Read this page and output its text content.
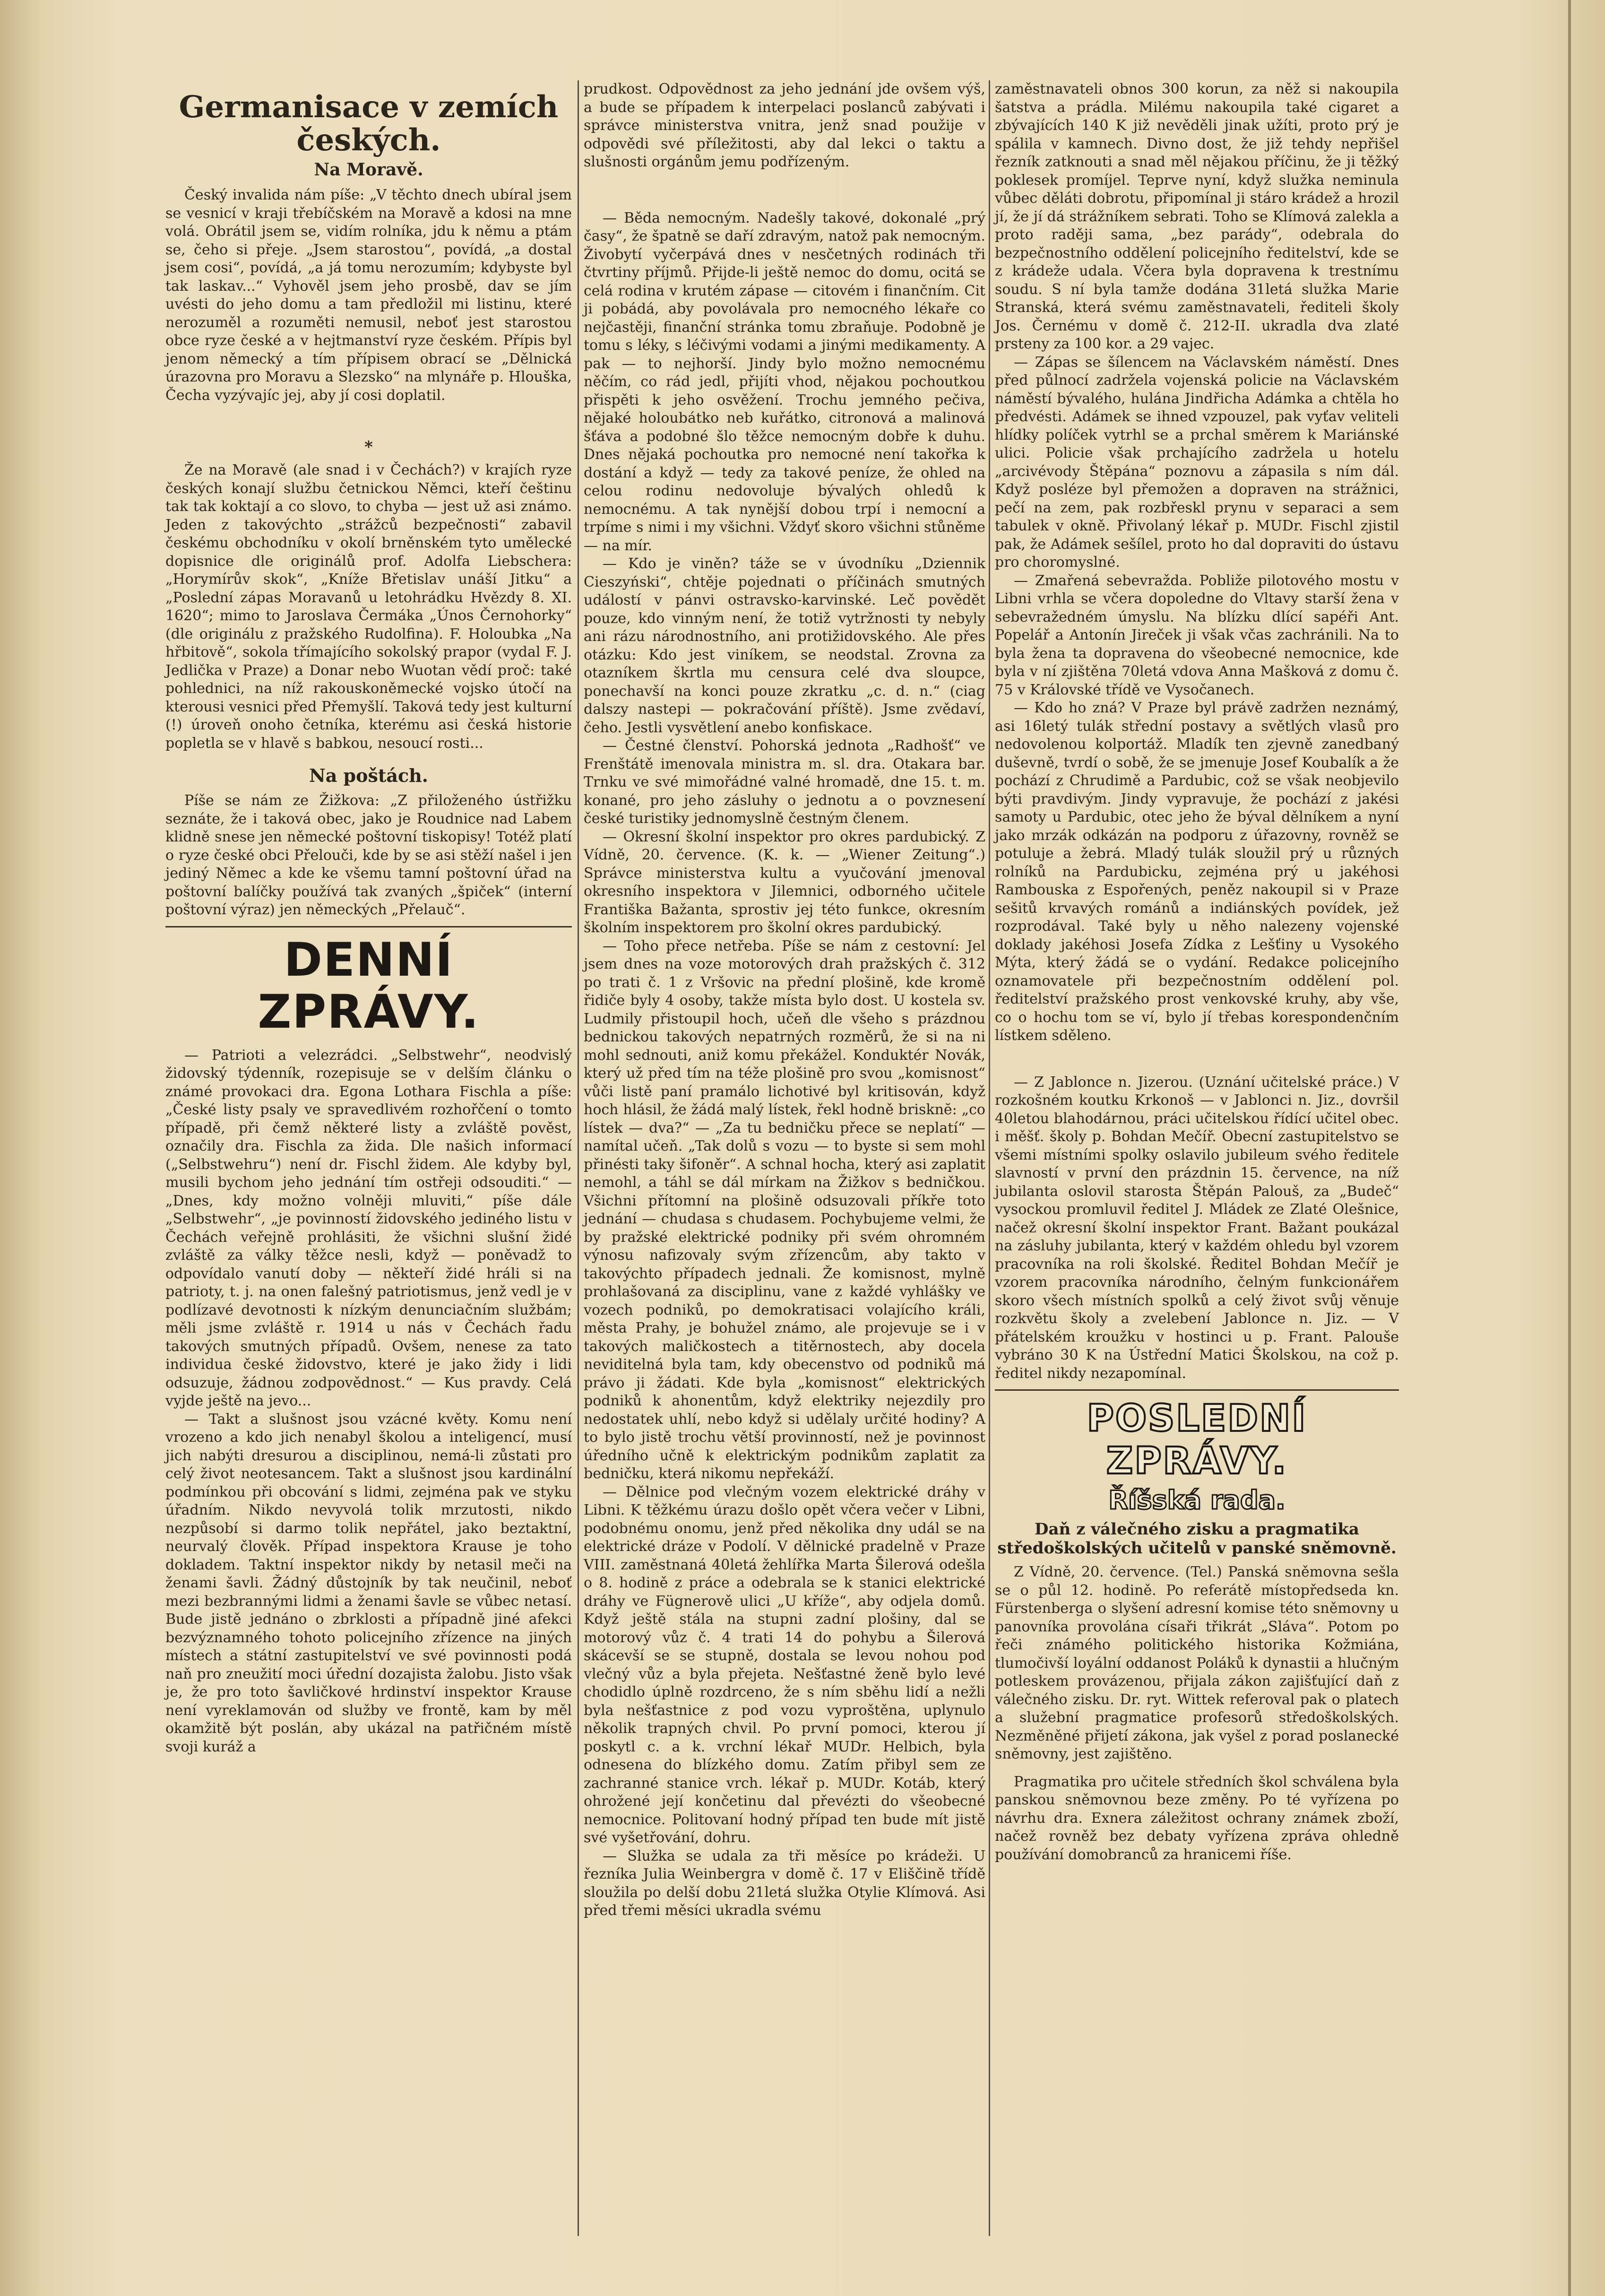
Germanisace v zemích českých.
Na Moravě.

Český invalida nám píše: „V těchto dnech ubíral jsem se vesnicí v kraji třebíčském na Moravě a kdosi na mne volá. Obrátil jsem se, vidím rolníka, jdu k němu a ptám se, čeho si přeje. „Jsem starostou“, povídá, „a dostal jsem cosi“, povídá, „a já tomu nerozumím; kdybyste byl tak laskav...“ Vyhověl jsem jeho prosbě, dav se jím uvésti do jeho domu a tam předložil mi listinu, které nerozuměl a rozuměti nemusil, neboť jest starostou obce ryze české a v hejtmanství ryze českém. Přípis byl jenom německý a tím přípisem obrací se „Dělnická úrazovna pro Moravu a Slezsko“ na mlynáře p. Hlouška, Čecha vyzývajíc jej, aby jí cosi doplatil.

*

Že na Moravě (ale snad i v Čechách?) v krajích ryze českých konají službu četnickou Němci, kteří češtinu tak tak koktají a co slovo, to chyba — jest už asi známo. Jeden z takovýchto „strážců bezpečnosti“ zabavil českému obchodníku v okolí brněnském tyto umělecké dopisnice dle originálů prof. Adolfa Liebschera: „Horymírův skok“, „Kníže Břetislav unáší Jitku“ a „Poslední zápas Moravanů u letohrádku Hvězdy 8. XI. 1620“; mimo to Jaroslava Čermáka „Únos Černohorky“ (dle originálu z pražského Rudolfina). F. Holoubka „Na hřbitově“, sokola třímajícího sokolský prapor (vydal F. J. Jedlička v Praze) a Donar nebo Wuotan vědí proč: také pohlednici, na níž rakouskoněmecké vojsko útočí na kterousi vesnici před Přemyšlí. Taková tedy jest kulturní (!) úroveň onoho četníka, kterému asi česká historie popletla se v hlavě s babkou, nesoucí rosti...

Na poštách.

Píše se nám ze Žižkova: „Z přiloženého ústřižku seznáte, že i taková obec, jako je Roudnice nad Labem klidně snese jen německé poštovní tiskopisy! Totéž platí o ryze české obci Přelouči, kde by se asi stěží našel i jen jediný Němec a kde ke všemu tamní poštovní úřad na poštovní balíčky používá tak zvaných „špiček“ (interní poštovní výraz) jen německých „Přelauč“.

DENNÍ ZPRÁVY.

— Patrioti a velezrádci. „Selbstwehr“, neodvislý židovský týdenník, rozepisuje se v delším článku o známé provokaci dra. Egona Lothara Fischla a píše: „České listy psaly ve spravedlivém rozhořčení o tomto případě, při čemž některé listy a zvláště pověst, označily dra. Fischla za žida. Dle našich informací („Selbstwehru“) není dr. Fischl židem. Ale kdyby byl, musili bychom jeho jednání tím ostřeji odsouditi.“ — „Dnes, kdy možno volněji mluviti,“ píše dále „Selbstwehr“, „je povinností židovského jediného listu v Čechách veřejně prohlásiti, že všichni slušní židé zvláště za války těžce nesli, když — poněvadž to odpovídalo vanutí doby — někteří židé hráli si na patrioty, t. j. na onen falešný patriotismus, jenž vedl je v podlízavé devotnosti k nízkým denunciačním službám; měli jsme zvláště r. 1914 u nás v Čechách řadu takových smutných případů. Ovšem, nenese za tato individua české židovstvo, které je jako židy i lidi odsuzuje, žádnou zodpovědnost.“ — Kus pravdy. Celá vyjde ještě na jevo...

— Takt a slušnost jsou vzácné květy. Komu není vrozeno a kdo jich nenabyl školou a inteligencí, musí jich nabýti dresurou a disciplinou, nemá-li zůstati pro celý život neotesancem. Takt a slušnost jsou kardinální podmínkou při obcování s lidmi, zejména pak ve styku úřadním. Nikdo nevyvolá tolik mrzutosti, nikdo nezpůsobí si darmo tolik nepřátel, jako beztaktní, neurvalý člověk. Případ inspektora Krause je toho dokladem. Taktní inspektor nikdy by netasil meči na ženami šavli. Žádný důstojník by tak neučinil, neboť mezi bezbrannými lidmi a ženami šavle se vůbec netasí. Bude jistě jednáno o zbrklosti a případně jiné afekci bezvýznamného tohoto policejního zřízence na jiných místech a státní zastupitelství ve své povinnosti podá naň pro zneužití moci úřední dozajista žalobu. Jisto však je, že pro toto šavličkové hrdinství inspektor Krause není vyreklamován od služby ve frontě, kam by měl okamžitě být poslán, aby ukázal na patřičném místě svoji kuráž a

prudkost. Odpovědnost za jeho jednání jde ovšem výš, a bude se případem k interpelaci poslanců zabývati i správce ministerstva vnitra, jenž snad použije v odpovědi své příležitosti, aby dal lekci o taktu a slušnosti orgánům jemu podřízeným.

— Běda nemocným. Nadešly takové, dokonalé „prý časy“, že špatně se daří zdravým, natož pak nemocným. Živobytí vyčerpává dnes v nesčetných rodinách tři čtvrtiny příjmů. Přijde-li ještě nemoc do domu, ocitá se celá rodina v krutém zápase — citovém i finančním. Cit ji pobádá, aby povolávala pro nemocného lékaře co nejčastěji, finanční stránka tomu zbraňuje. Podobně je tomu s léky, s léčivými vodami a jinými medikamenty. A pak — to nejhorší. Jindy bylo možno nemocnému něčím, co rád jedl, přijíti vhod, nějakou pochoutkou přispěti k jeho osvěžení. Trochu jemného pečiva, nějaké holoubátko neb kuřátko, citronová a malinová šťáva a podobné šlo těžce nemocným dobře k duhu. Dnes nějaká pochoutka pro nemocné není takořka k dostání a když — tedy za takové peníze, že ohled na celou rodinu nedovoluje bývalých ohledů k nemocnému. A tak nynější dobou trpí i nemocní a trpíme s nimi i my všichni. Vždyť skoro všichni stůněme — na mír.

— Kdo je viněn? táže se v úvodníku „Dziennik Cieszyński“, chtěje pojednati o příčinách smutných událostí v pánvi ostravsko-karvinské. Leč povědět pouze, kdo vinným není, že totiž vytržnosti ty nebyly ani rázu národnostního, ani protižidovského. Ale přes otázku: Kdo jest viníkem, se neodstal. Zrovna za otazníkem škrtla mu censura celé dva sloupce, ponechavší na konci pouze zkratku „c. d. n.“ (ciag dalszy nastepi — pokračování příště). Jsme zvědaví, čeho. Jestli vysvětlení anebo konfiskace.

— Čestné členství. Pohorská jednota „Radhošť“ ve Frenštátě imenovala ministra m. sl. dra. Otakara bar. Trnku ve své mimořádné valné hromadě, dne 15. t. m. konané, pro jeho zásluhy o jednotu a o povznesení české turistiky jednomyslně čestným členem.

— Okresní školní inspektor pro okres pardubický. Z Vídně, 20. července. (K. k. — „Wiener Zeitung“.) Správce ministerstva kultu a vyučování jmenoval okresního inspektora v Jilemnici, odborného učitele Františka Bažanta, sprostiv jej této funkce, okresním školním inspektorem pro školní okres pardubický.

— Toho přece netřeba. Píše se nám z cestovní: Jel jsem dnes na voze motorových drah pražských č. 312 po trati č. 1 z Vršovic na přední plošině, kde kromě řidiče byly 4 osoby, takže místa bylo dost. U kostela sv. Ludmily přistoupil hoch, učeň dle všeho s prázdnou bednickou takových nepatrných rozměrů, že si na ni mohl sednouti, aniž komu překážel. Konduktér Novák, který už před tím na téže plošině pro svou „komisnost“ vůči listě paní pramálo lichotivé byl kritisován, když hoch hlásil, že žádá malý lístek, řekl hodně brisknĕ: „co lístek — dva?“ — „Za tu bedničku přece se neplatí“ — namítal učeň. „Tak dolů s vozu — to byste si sem mohl přinésti taky šifoněr“. A schnal hocha, který asi zaplatit nemohl, a táhl se dál mírkam na Žižkov s bedničkou. Všichni přítomní na plošině odsuzovali příkře toto jednání — chudasa s chudasem. Pochybujeme velmi, že by pražské elektrické podniky při svém ohromném výnosu nafizovaly svým zřízencům, aby takto v takovýchto případech jednali. Že komisnost, mylně prohlašovaná za disciplinu, vane z každé vyhlášky ve vozech podniků, po demokratisaci volajícího králi, města Prahy, je bohužel známo, ale projevuje se i v takových maličkostech a titěrnostech, aby docela neviditelná byla tam, kdy obecenstvo od podniků má právo ji žádati. Kde byla „komisnost“ elektrických podniků k ahonentům, když elektriky nejezdily pro nedostatek uhlí, nebo když si udělaly určité hodiny? A to bylo jistě trochu větší provinností, než je povinnost úředního učně k elektrickým podnikům zaplatit za bedničku, která nikomu nepřekáží.

— Dělnice pod vlečným vozem elektrické dráhy v Libni. K těžkému úrazu došlo opět včera večer v Libni, podobnému onomu, jenž před několika dny udál se na elektrické dráze v Podolí. V dělnické pradelně v Praze VIII. zaměstnaná 40letá žehlířka Marta Šilerová odešla o 8. hodině z práce a odebrala se k stanici elektrické dráhy ve Fügnerově ulici „U kříže“, aby odjela domů. Když ještě stála na stupni zadní plošiny, dal se motorový vůz č. 4 trati 14 do pohybu a Šilerová skácevší se se stupně, dostala se levou nohou pod vlečný vůz a byla přejeta. Nešťastné ženě bylo levé chodidlo úplně rozdrceno, že s ním sběhu lidí a nežli byla nešťastnice z pod vozu vyproštěna, uplynulo několik trapných chvil. Po první pomoci, kterou jí poskytl c. a k. vrchní lékař MUDr. Helbich, byla odnesena do blízkého domu. Zatím přibyl sem ze zachranné stanice vrch. lékař p. MUDr. Kotáb, který ohrožené její končetinu dal převézti do všeobecné nemocnice. Politovaní hodný případ ten bude mít jistě své vyšetřování, dohru.

— Služka se udala za tři měsíce po krádeži. U řezníka Julia Weinbergra v domě č. 17 v Eliščině třídě sloužila po delší dobu 21letá služka Otylie Klímová. Asi před třemi měsíci ukradla svému

zaměstnavateli obnos 300 korun, za něž si nakoupila šatstva a prádla. Milému nakoupila také cigaret a zbývajících 140 K již nevěděli jinak užíti, proto prý je spálila v kamnech. Divno dost, že již tehdy nepřišel řezník zatknouti a snad měl nějakou příčinu, že ji těžký poklesek promíjel. Teprve nyní, když služka neminula vůbec děláti dobrotu, připomínal ji stáro krádež a hrozil jí, že jí dá strážníkem sebrati. Toho se Klímová zalekla a proto raději sama, „bez parády“, odebrala do bezpečnostního oddělení policejního ředitelství, kde se z krádeže udala. Včera byla dopravena k trestnímu soudu. S ní byla tamže dodána 31letá služka Marie Stranská, která svému zaměstnavateli, řediteli školy Jos. Černému v domě č. 212-II. ukradla dva zlaté prsteny za 100 kor. a 29 vajec.

— Zápas se šílencem na Václavském náměstí. Dnes před půlnocí zadržela vojenská policie na Václavském náměstí bývalého, hulána Jindřicha Adámka a chtěla ho předvésti. Adámek se ihned vzpouzel, pak vyťav veliteli hlídky políček vytrhl se a prchal směrem k Mariánské ulici. Policie však prchajícího zadržela u hotelu „arcivévody Štěpána“ poznovu a zápasila s ním dál. Když posléze byl přemožen a dopraven na strážnici, pečí na zem, pak rozbřeskl prynu v separaci a sem tabulek v okně. Přivolaný lékař p. MUDr. Fischl zjistil pak, že Adámek sešílel, proto ho dal dopraviti do ústavu pro choromyslné.

— Zmařená sebevražda. Pobliže pilotového mostu v Libni vrhla se včera dopoledne do Vltavy starší žena v sebevražedném úmyslu. Na blízku dlící sapéři Ant. Popelář a Antonín Jireček ji však včas zachránili. Na to byla žena ta dopravena do všeobecné nemocnice, kde byla v ní zjištěna 70letá vdova Anna Mašková z domu č. 75 v Královské třídě ve Vysočanech.

— Kdo ho zná? V Praze byl právě zadržen neznámý, asi 16letý tulák střední postavy a světlých vlasů pro nedovolenou kolportáž. Mladík ten zjevně zanedbaný duševně, tvrdí o sobě, že se jmenuje Josef Koubalík a že pochází z Chrudimě a Pardubic, což se však neobjevilo býti pravdivým. Jindy vypravuje, že pochází z jakési samoty u Pardubic, otec jeho že býval dělníkem a nyní jako mrzák odkázán na podporu z úřazovny, rovněž se potuluje a žebrá. Mladý tulák sloužil prý u různých rolníků na Pardubicku, zejména prý u jakéhosi Rambouska z Espořených, peněz nakoupil si v Praze sešitů krvavých románů a indiánských povídek, jež rozprodával. Také byly u něho nalezeny vojenské doklady jakéhosi Josefa Zídka z Lešťiny u Vysokého Mýta, který žádá se o vydání. Redakce policejního oznamovatele při bezpečnostním oddělení pol. ředitelství pražského prost venkovské kruhy, aby vše, co o hochu tom se ví, bylo jí třebas korespondenčním lístkem sděleno.

— Z Jablonce n. Jizerou. (Uznání učitelské práce.) V rozkošném koutku Krkonoš — v Jablonci n. Jiz., dovršil 40letou blahodárnou, práci učitelskou řídící učitel obec. i měšť. školy p. Bohdan Mečíř. Obecní zastupitelstvo se všemi místními spolky oslavilo jubileum svého ředitele slavností v první den prázdnin 15. července, na níž jubilanta oslovil starosta Štěpán Palouš, za „Budeč“ vysockou promluvil ředitel J. Mládek ze Zlaté Olešnice, načež okresní školní inspektor Frant. Bažant poukázal na zásluhy jubilanta, který v každém ohledu byl vzorem pracovníka na roli školské. Ředitel Bohdan Mečíř je vzorem pracovníka národního, čelným funkcionářem skoro všech místních spolků a celý život svůj věnuje rozkvětu školy a zvelebení Jablonce n. Jiz. — V přátelském kroužku v hostinci u p. Frant. Palouše vybráno 30 K na Ústřední Matici Školskou, na což p. ředitel nikdy nezapomínal.

POSLEDNÍ ZPRÁVY.
Říšská rada.
Daň z válečného zisku a pragmatika středoškolských učitelů v panské sněmovně.

Z Vídně, 20. července. (Tel.) Panská sněmovna sešla se o půl 12. hodině. Po referátě místopředseda kn. Fürstenberga o slyšení adresní komise této sněmovny u panovníka provolána císaři třikrát „Sláva“. Potom po řeči známého politického historika Kožmiána, tlumočivší loyální oddanost Poláků k dynastii a hlučným potleskem provázenou, přijala zákon zajišťující daň z válečného zisku. Dr. ryt. Wittek referoval pak o platech a služební pragmatice profesorů středoškolských. Nezměněné přijetí zákona, jak vyšel z porad poslanecké sněmovny, jest zajištěno.

Pragmatika pro učitele středních škol schválena byla panskou sněmovnou beze změny. Po té vyřízena po návrhu dra. Exnera záležitost ochrany známek zboží, načež rovněž bez debaty vyřízena zpráva ohledně používání domobranců za hranicemi říše.
